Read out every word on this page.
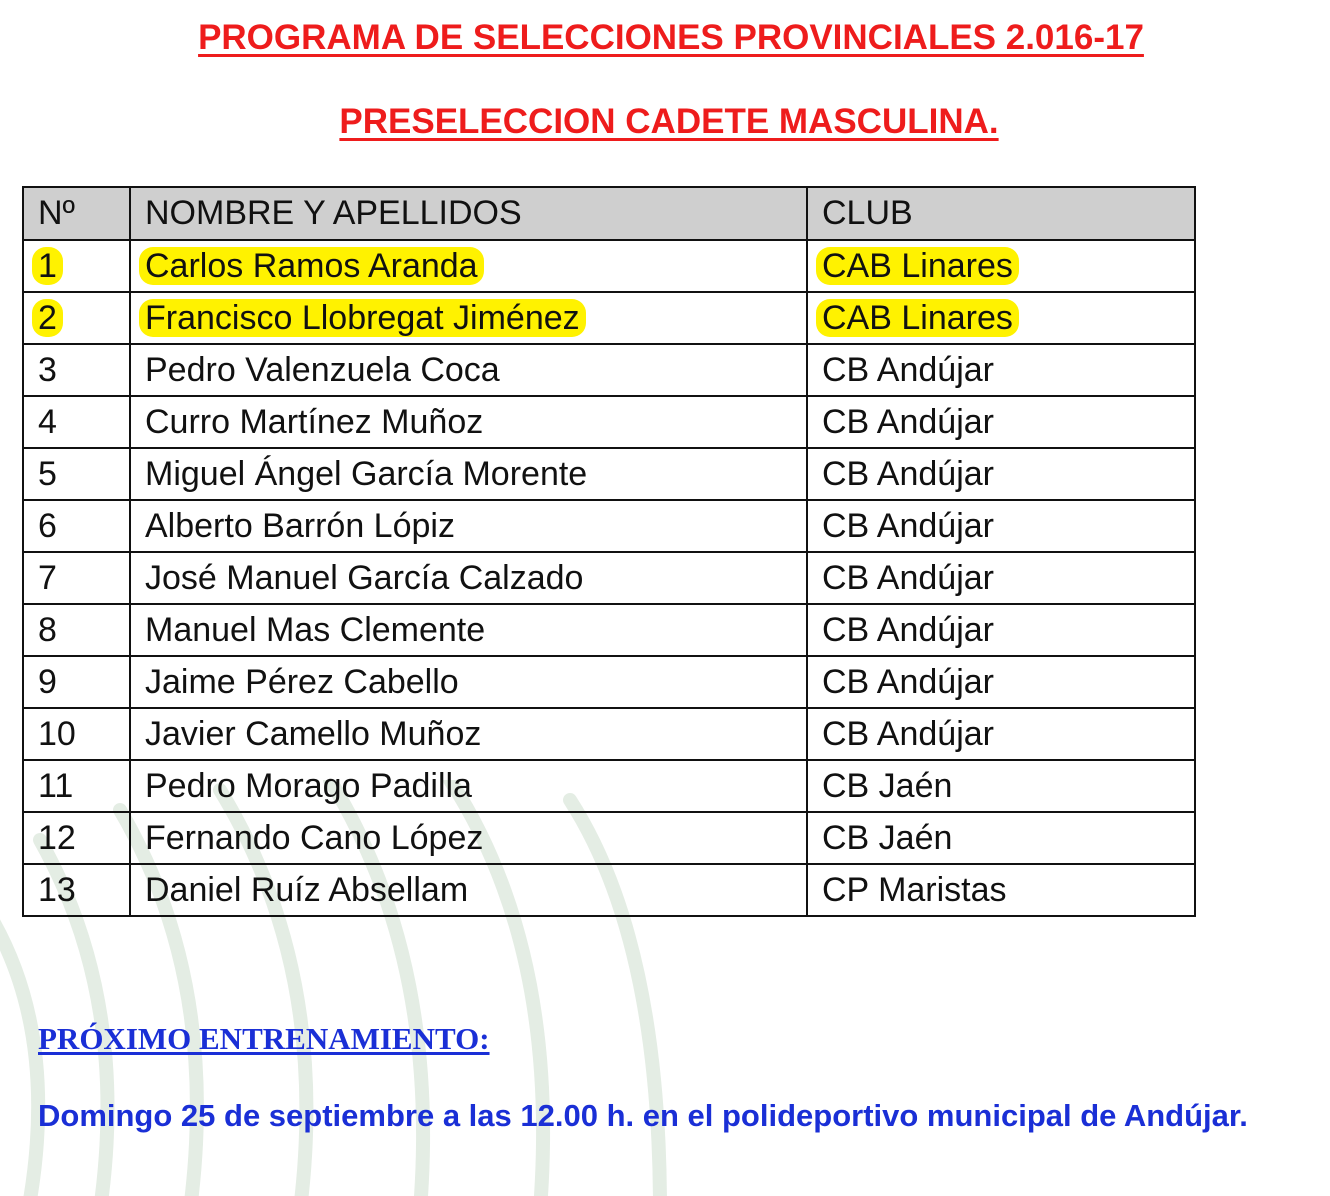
PROGRAMA DE SELECCIONES PROVINCIALES 2.016-17
PRESELECCION CADETE MASCULINA.
Nº	NOMBRE Y APELLIDOS	CLUB
1	Carlos Ramos Aranda	CAB Linares
2	Francisco Llobregat Jiménez	CAB Linares
3	Pedro Valenzuela Coca	CB Andújar
4	Curro Martínez Muñoz	CB Andújar
5	Miguel Ángel García Morente	CB Andújar
6	Alberto Barrón Lópiz	CB Andújar
7	José Manuel García Calzado	CB Andújar
8	Manuel Mas Clemente	CB Andújar
9	Jaime Pérez Cabello	CB Andújar
10	Javier Camello Muñoz	CB Andújar
11	Pedro Morago Padilla	CB Jaén
12	Fernando Cano López	CB Jaén
13	Daniel Ruíz Absellam	CP Maristas
PRÓXIMO ENTRENAMIENTO:
Domingo 25 de septiembre a las 12.00 h. en el polideportivo municipal de Andújar.
